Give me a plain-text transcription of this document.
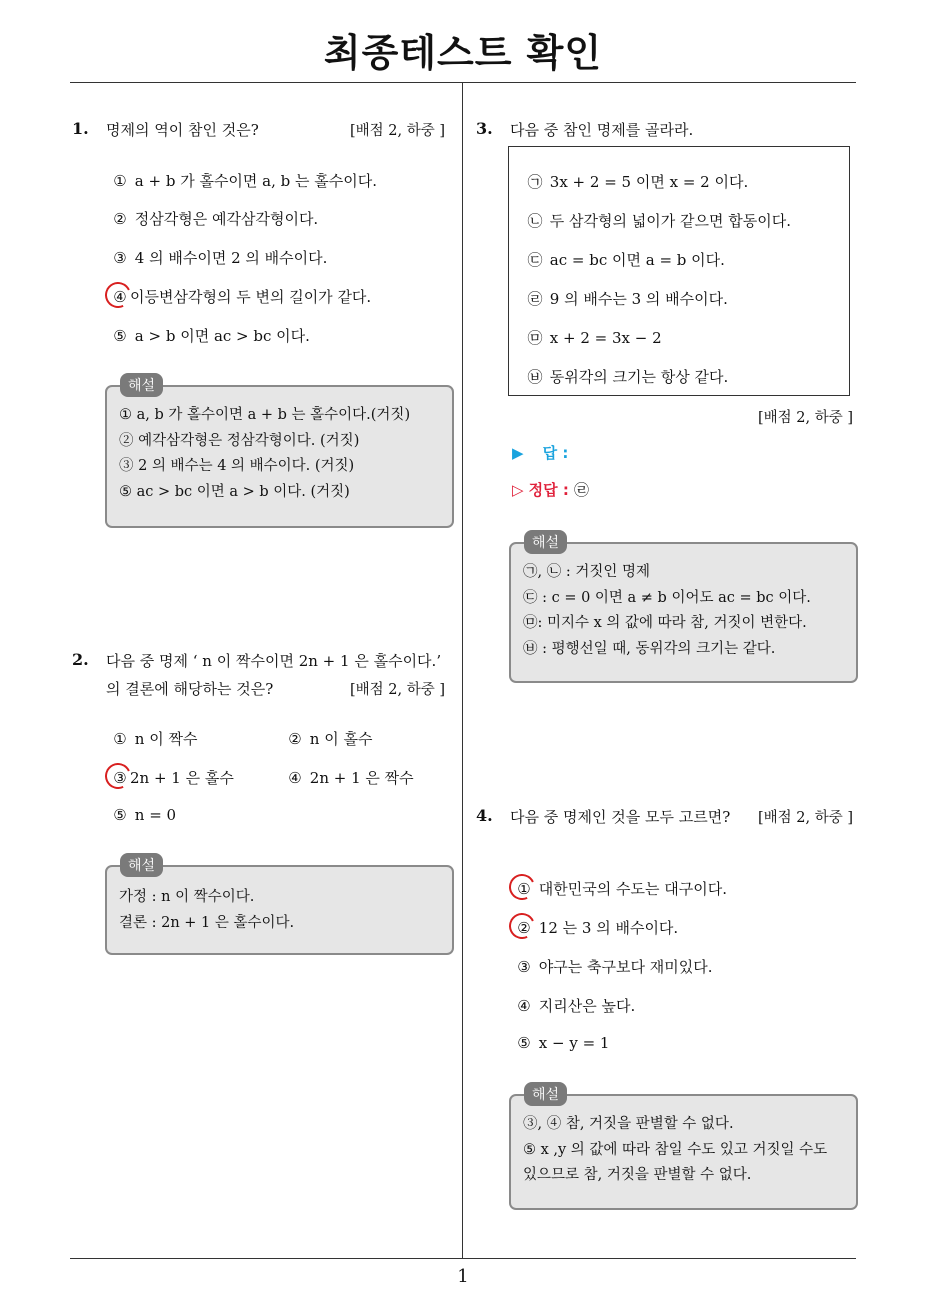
최종테스트 확인
1
1. 명제의 역이 참인 것은?	[배점 2, 하중 ]
① a + b 가 홀수이면 a, b 는 홀수이다.
② 정삼각형은 예각삼각형이다.
③ 4 의 배수이면 2 의 배수이다.
④ 이등변삼각형의 두 변의 길이가 같다.
⑤ a > b 이면 ac > bc 이다.
① a, b 가 홀수이면 a + b 는 홀수이다.(거짓)
② 예각삼각형은 정삼각형이다. (거짓)
③ 2 의 배수는 4 의 배수이다. (거짓)
⑤ ac > bc 이면 a > b 이다. (거짓)
해설
2. 다음 중 명제 ‘ n 이 짝수이면 2n + 1 은 홀수이다.’
의 결론에 해당하는 것은?	[배점 2, 하중 ]
① n 이 짝수	② n 이 홀수
③ 2n + 1 은 홀수	④ 2n + 1 은 짝수
⑤ n = 0
가정 : n 이 짝수이다.
결론 : 2n + 1 은 홀수이다.
해설
3. 다음 중 참인 명제를 골라라.
㉠ 3x + 2 = 5 이면 x = 2 이다.
㉡ 두 삼각형의 넓이가 같으면 합동이다.
㉢ ac = bc 이면 a = b 이다.
㉣ 9 의 배수는 3 의 배수이다.
㉤ x + 2 = 3x − 2
㉥ 동위각의 크기는 항상 같다.
[배점 2, 하중 ]
▶ 답 :
▷ 정답 : ㉣
㉠, ㉡ : 거짓인 명제
㉢ : c = 0 이면 a ≠ b 이어도 ac = bc 이다.
㉤: 미지수 x 의 값에 따라 참, 거짓이 변한다.
㉥ : 평행선일 때, 동위각의 크기는 같다.
해설
4. 다음 중 명제인 것을 모두 고르면? [배점 2, 하중 ]
① 대한민국의 수도는 대구이다.
② 12 는 3 의 배수이다.
③ 야구는 축구보다 재미있다.
④ 지리산은 높다.
⑤ x − y = 1
③, ④ 참, 거짓을 판별할 수 없다.
⑤ x ,y 의 값에 따라 참일 수도 있고 거짓일 수도
있으므로 참, 거짓을 판별할 수 없다.
해설
